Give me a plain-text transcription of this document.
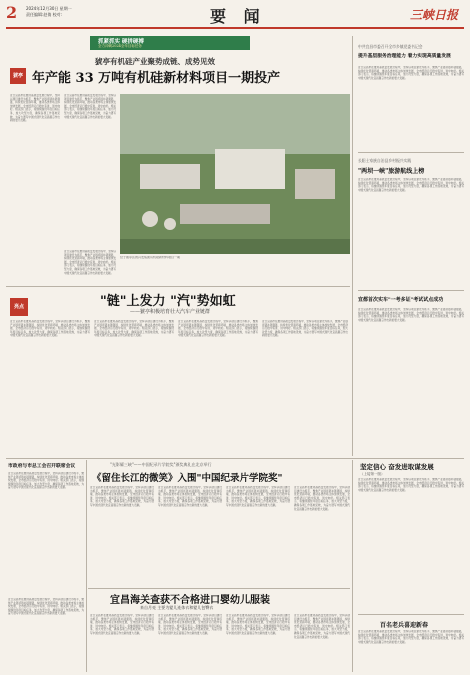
2 2024年12月30日 星期一
责任编辑:赵倩 校对:	要 闻	三峡日报
抓紧抓实 硬拼硬搏
全力冲刺2024全年目标任务
猇亭有机硅产业聚势成链、成势见效
猇亭 年产能 33 万吨有机硅新材料项目一期投产
近日宜昌市在推进高质量发展过程中，坚持以项目建设为抓手，聚焦产业链延链补链强链，持续优化营商环境，推动各类市场主体加快发展，全市经济运行稳中有进、进中向好。相关部门表示，将继续围绕年度目标任务，加大攻坚力度，确保各项工作落地见效，为奋力谱写中国式现代化宜昌篇章作出新的更大贡献。
近日宜昌市在推进高质量发展过程中，坚持以项目建设为抓手，聚焦产业链延链补链强链，持续优化营商环境，推动各类市场主体加快发展，全市经济运行稳中有进、进中向好。相关部门表示，将继续围绕年度目标任务，加大攻坚力度，确保各项工作落地见效，为奋力谱写中国式现代化宜昌篇章作出新的更大贡献。
近日宜昌市在推进高质量发展过程中，坚持以项目建设为抓手，聚焦产业链延链补链强链，持续优化营商环境，推动各类市场主体加快发展，全市经济运行稳中有进、进中向好。相关部门表示，将继续围绕年度目标任务，加大攻坚力度，确保各项工作落地见效，为奋力谱写中国式现代化宜昌篇章作出新的更大贡献。
位于猇亭区的兴发集团有机硅新材料项目一期
中共宜昌市委召开全市乡镇党委书记会
提升基层服务治理能力 着力实现高质量发展
近日宜昌市在推进高质量发展过程中，坚持以项目建设为抓手，聚焦产业链延链补链强链，持续优化营商环境，推动各类市场主体加快发展，全市经济运行稳中有进、进中向好。相关部门表示，将继续围绕年度目标任务，加大攻坚力度，确保各项工作落地见效，为奋力谱写中国式现代化宜昌篇章作出新的更大贡献。
长阳土家族自治县乡村振兴实践
"两坝一峡"旅游航线上榜
近日宜昌市在推进高质量发展过程中，坚持以项目建设为抓手，聚焦产业链延链补链强链，持续优化营商环境，推动各类市场主体加快发展，全市经济运行稳中有进、进中向好。相关部门表示，将继续围绕年度目标任务，加大攻坚力度，确保各项工作落地见效，为奋力谱写中国式现代化宜昌篇章作出新的更大贡献。
宜都首次实车"一考多证"考试试点成功
近日宜昌市在推进高质量发展过程中，坚持以项目建设为抓手，聚焦产业链延链补链强链，持续优化营商环境，推动各类市场主体加快发展，全市经济运行稳中有进、进中向好。相关部门表示，将继续围绕年度目标任务，加大攻坚力度，确保各项工作落地见效，为奋力谱写中国式现代化宜昌篇章作出新的更大贡献。
亮点	"链"上发力 "汽"势如虹
——猇亭积极培育壮大汽车产业链群
近日宜昌市在推进高质量发展过程中，坚持以项目建设为抓手，聚焦产业链延链补链强链，持续优化营商环境，推动各类市场主体加快发展，全市经济运行稳中有进、进中向好。相关部门表示，将继续围绕年度目标任务，加大攻坚力度，确保各项工作落地见效，为奋力谱写中国式现代化宜昌篇章作出新的更大贡献。
近日宜昌市在推进高质量发展过程中，坚持以项目建设为抓手，聚焦产业链延链补链强链，持续优化营商环境，推动各类市场主体加快发展，全市经济运行稳中有进、进中向好。相关部门表示，将继续围绕年度目标任务，加大攻坚力度，确保各项工作落地见效，为奋力谱写中国式现代化宜昌篇章作出新的更大贡献。
近日宜昌市在推进高质量发展过程中，坚持以项目建设为抓手，聚焦产业链延链补链强链，持续优化营商环境，推动各类市场主体加快发展，全市经济运行稳中有进、进中向好。相关部门表示，将继续围绕年度目标任务，加大攻坚力度，确保各项工作落地见效，为奋力谱写中国式现代化宜昌篇章作出新的更大贡献。
近日宜昌市在推进高质量发展过程中，坚持以项目建设为抓手，聚焦产业链延链补链强链，持续优化营商环境，推动各类市场主体加快发展，全市经济运行稳中有进、进中向好。相关部门表示，将继续围绕年度目标任务，加大攻坚力度，确保各项工作落地见效，为奋力谱写中国式现代化宜昌篇章作出新的更大贡献。
市政府与市总工会召开联席会议
近日宜昌市在推进高质量发展过程中，坚持以项目建设为抓手，聚焦产业链延链补链强链，持续优化营商环境，推动各类市场主体加快发展，全市经济运行稳中有进、进中向好。相关部门表示，将继续围绕年度目标任务，加大攻坚力度，确保各项工作落地见效，为奋力谱写中国式现代化宜昌篇章作出新的更大贡献。
近日宜昌市在推进高质量发展过程中，坚持以项目建设为抓手，聚焦产业链延链补链强链，持续优化营商环境，推动各类市场主体加快发展，全市经济运行稳中有进、进中向好。相关部门表示，将继续围绕年度目标任务，加大攻坚力度，确保各项工作落地见效，为奋力谱写中国式现代化宜昌篇章作出新的更大贡献。
"光影耀三峡"——中国纪录片学院奖"颁奖典礼在北京举行
《留住长江的微笑》入围"中国纪录片学院奖"
近日宜昌市在推进高质量发展过程中，坚持以项目建设为抓手，聚焦产业链延链补链强链，持续优化营商环境，推动各类市场主体加快发展，全市经济运行稳中有进、进中向好。相关部门表示，将继续围绕年度目标任务，加大攻坚力度，确保各项工作落地见效，为奋力谱写中国式现代化宜昌篇章作出新的更大贡献。
近日宜昌市在推进高质量发展过程中，坚持以项目建设为抓手，聚焦产业链延链补链强链，持续优化营商环境，推动各类市场主体加快发展，全市经济运行稳中有进、进中向好。相关部门表示，将继续围绕年度目标任务，加大攻坚力度，确保各项工作落地见效，为奋力谱写中国式现代化宜昌篇章作出新的更大贡献。
近日宜昌市在推进高质量发展过程中，坚持以项目建设为抓手，聚焦产业链延链补链强链，持续优化营商环境，推动各类市场主体加快发展，全市经济运行稳中有进、进中向好。相关部门表示，将继续围绕年度目标任务，加大攻坚力度，确保各项工作落地见效，为奋力谱写中国式现代化宜昌篇章作出新的更大贡献。
近日宜昌市在推进高质量发展过程中，坚持以项目建设为抓手，聚焦产业链延链补链强链，持续优化营商环境，推动各类市场主体加快发展，全市经济运行稳中有进、进中向好。相关部门表示，将继续围绕年度目标任务，加大攻坚力度，确保各项工作落地见效，为奋力谱写中国式现代化宜昌篇章作出新的更大贡献。
坚定信心 奋发进取谋发展
（上接第一版）
近日宜昌市在推进高质量发展过程中，坚持以项目建设为抓手，聚焦产业链延链补链强链，持续优化营商环境，推动各类市场主体加快发展，全市经济运行稳中有进、进中向好。相关部门表示，将继续围绕年度目标任务，加大攻坚力度，确保各项工作落地见效，为奋力谱写中国式现代化宜昌篇章作出新的更大贡献。
百名老兵喜迎新春
近日宜昌市在推进高质量发展过程中，坚持以项目建设为抓手，聚焦产业链延链补链强链，持续优化营商环境，推动各类市场主体加快发展，全市经济运行稳中有进、进中向好。相关部门表示，将继续围绕年度目标任务，加大攻坚力度，确保各项工作落地见效，为奋力谱写中国式现代化宜昌篇章作出新的更大贡献。
宜昌海关查获不合格进口婴幼儿服装
来自月亮 主要为婴儿连体衣和婴儿包臀衣
近日宜昌市在推进高质量发展过程中，坚持以项目建设为抓手，聚焦产业链延链补链强链，持续优化营商环境，推动各类市场主体加快发展，全市经济运行稳中有进、进中向好。相关部门表示，将继续围绕年度目标任务，加大攻坚力度，确保各项工作落地见效，为奋力谱写中国式现代化宜昌篇章作出新的更大贡献。
近日宜昌市在推进高质量发展过程中，坚持以项目建设为抓手，聚焦产业链延链补链强链，持续优化营商环境，推动各类市场主体加快发展，全市经济运行稳中有进、进中向好。相关部门表示，将继续围绕年度目标任务，加大攻坚力度，确保各项工作落地见效，为奋力谱写中国式现代化宜昌篇章作出新的更大贡献。
近日宜昌市在推进高质量发展过程中，坚持以项目建设为抓手，聚焦产业链延链补链强链，持续优化营商环境，推动各类市场主体加快发展，全市经济运行稳中有进、进中向好。相关部门表示，将继续围绕年度目标任务，加大攻坚力度，确保各项工作落地见效，为奋力谱写中国式现代化宜昌篇章作出新的更大贡献。
近日宜昌市在推进高质量发展过程中，坚持以项目建设为抓手，聚焦产业链延链补链强链，持续优化营商环境，推动各类市场主体加快发展，全市经济运行稳中有进、进中向好。相关部门表示，将继续围绕年度目标任务，加大攻坚力度，确保各项工作落地见效，为奋力谱写中国式现代化宜昌篇章作出新的更大贡献。
